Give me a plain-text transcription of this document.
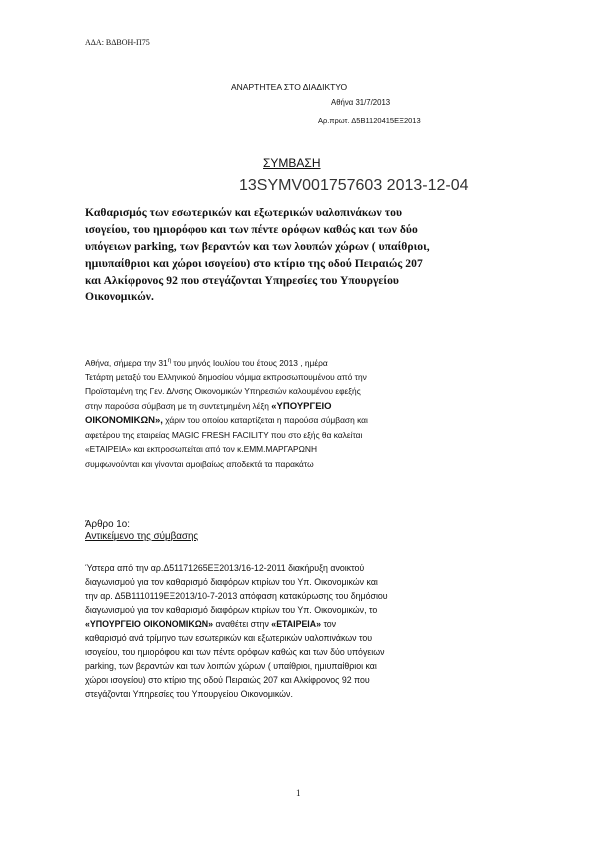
ΑΔΑ: ΒΔΒΟΗ-Π75
ΑΝΑΡΤΗΤΕΑ ΣΤΟ ΔΙΑΔΙΚΤΥΟ
Αθήνα 31/7/2013
Αρ.πρωτ. Δ5Β1120415ΕΞ2013
ΣΥΜΒΑΣΗ
13SYMV001757603 2013-12-04
Καθαρισμός των εσωτερικών και εξωτερικών υαλοπινάκων του
ισογείου, του ημιορόφου και των πέντε ορόφων καθώς και των δύο
υπόγειων parking, των βεραντών και των λουπών χώρων ( υπαίθριοι,
ημιυπαίθριοι και χώροι ισογείου) στο κτίριο της οδού Πειραιώς 207
και Αλκίφρονος 92 που στεγάζονται Υπηρεσίες του Υπουργείου
Οικονομικών.
Αθήνα, σήμερα την $31^\eta$ του μηνός Ιουλίου του έτους 2013 , ημέρα
Τετάρτη μεταξύ του Ελληνικού δημοσίου νόμιμα εκπροσωπουμένου από την
Προϊσταμένη της Γεν. Δ/νσης Οικονομικών Υπηρεσιών καλουμένου εφεξής
στην παρούσα σύμβαση με τη συντετμημένη λέξη «ΥΠΟΥΡΓΕΙΟ
ΟΙΚΟΝΟΜΙΚΩΝ», χάριν του οποίου καταρτίζεται η παρούσα σύμβαση και
αφετέρου της εταιρείας MAGIC FRESH FACILITY που στο εξής θα καλείται
«ΕΤΑΙΡΕΙΑ» και εκπροσωπείται από τον κ.ΕΜΜ.ΜΑΡΓΑΡΩΝΗ
συμφωνούνται και γίνονται αμοιβαίως αποδεκτά τα παρακάτω
Άρθρο 1ο:
Αντικείμενο της σύμβασης
Ύστερα από την αρ.Δ51171265ΕΞ2013/16-12-2011 διακήρυξη ανοικτού
διαγωνισμού για τον καθαρισμό διαφόρων κτιρίων του Υπ. Οικονομικών και
την αρ. Δ5Β1110119ΕΞ2013/10-7-2013 απόφαση κατακύρωσης του δημόσιου
διαγωνισμού για τον καθαρισμό διαφόρων κτιρίων του Υπ. Οικονομικών, το
«ΥΠΟΥΡΓΕΙΟ ΟΙΚΟΝΟΜΙΚΩΝ» αναθέτει στην «ΕΤΑΙΡΕΙΑ» τον
καθαρισμό ανά τρίμηνο των εσωτερικών και εξωτερικών υαλοπινάκων του
ισογείου, του ημιορόφου και των πέντε ορόφων καθώς και των δύο υπόγειων
parking, των βεραντών και των λοιπών χώρων ( υπαίθριοι, ημιυπαίθριοι και
χώροι ισογείου) στο κτίριο της οδού Πειραιώς 207 και Αλκίφρονος 92 που
στεγάζονται Υπηρεσίες του Υπουργείου Οικονομικών.
1
